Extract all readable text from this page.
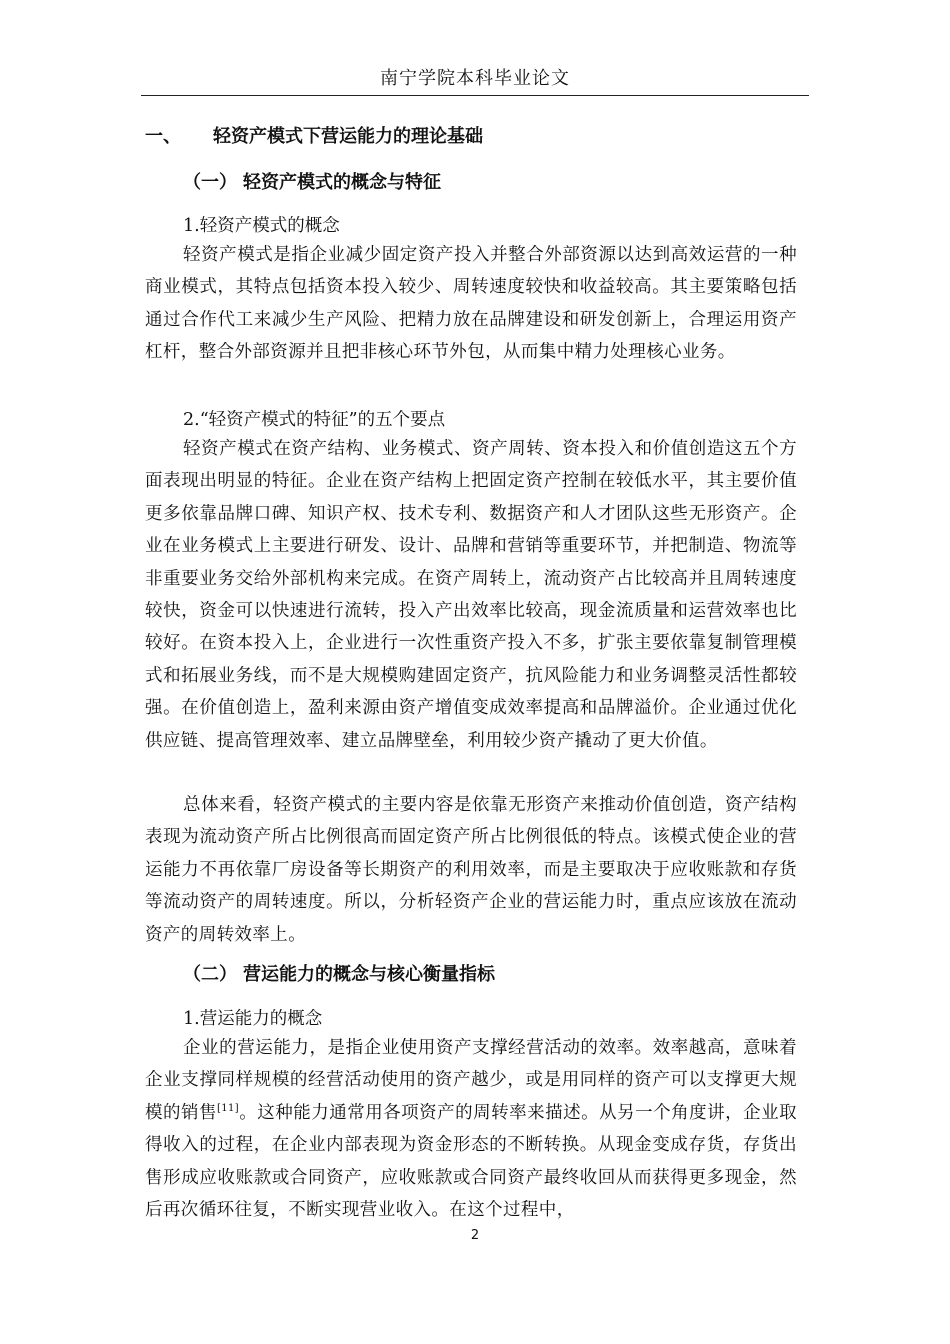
南宁学院本科毕业论文
一、 轻资产模式下营运能力的理论基础
（一） 轻资产模式的概念与特征
1.轻资产模式的概念
轻资产模式是指企业减少固定资产投入并整合外部资源以达到高效运营的一种商业模式，其特点包括资本投入较少、周转速度较快和收益较高。其主要策略包括通过合作代工来减少生产风险、把精力放在品牌建设和研发创新上，合理运用资产杠杆，整合外部资源并且把非核心环节外包，从而集中精力处理核心业务。
2.“轻资产模式的特征”的五个要点
轻资产模式在资产结构、业务模式、资产周转、资本投入和价值创造这五个方面表现出明显的特征。企业在资产结构上把固定资产控制在较低水平，其主要价值更多依靠品牌口碑、知识产权、技术专利、数据资产和人才团队这些无形资产。企业在业务模式上主要进行研发、设计、品牌和营销等重要环节，并把制造、物流等非重要业务交给外部机构来完成。在资产周转上，流动资产占比较高并且周转速度较快，资金可以快速进行流转，投入产出效率比较高，现金流质量和运营效率也比较好。在资本投入上，企业进行一次性重资产投入不多，扩张主要依靠复制管理模式和拓展业务线，而不是大规模购建固定资产，抗风险能力和业务调整灵活性都较强。在价值创造上，盈利来源由资产增值变成效率提高和品牌溢价。企业通过优化供应链、提高管理效率、建立品牌壁垒，利用较少资产撬动了更大价值。
总体来看，轻资产模式的主要内容是依靠无形资产来推动价值创造，资产结构表现为流动资产所占比例很高而固定资产所占比例很低的特点。该模式使企业的营运能力不再依靠厂房设备等长期资产的利用效率，而是主要取决于应收账款和存货等流动资产的周转速度。所以，分析轻资产企业的营运能力时，重点应该放在流动资产的周转效率上。
（二） 营运能力的概念与核心衡量指标
1.营运能力的概念
企业的营运能力，是指企业使用资产支撑经营活动的效率。效率越高，意味着企业支撑同样规模的经营活动使用的资产越少，或是用同样的资产可以支撑更大规模的销售[11]。这种能力通常用各项资产的周转率来描述。从另一个角度讲，企业取得收入的过程，在企业内部表现为资金形态的不断转换。从现金变成存货，存货出售形成应收账款或合同资产，应收账款或合同资产最终收回从而获得更多现金，然后再次循环往复，不断实现营业收入。在这个过程中，
2
